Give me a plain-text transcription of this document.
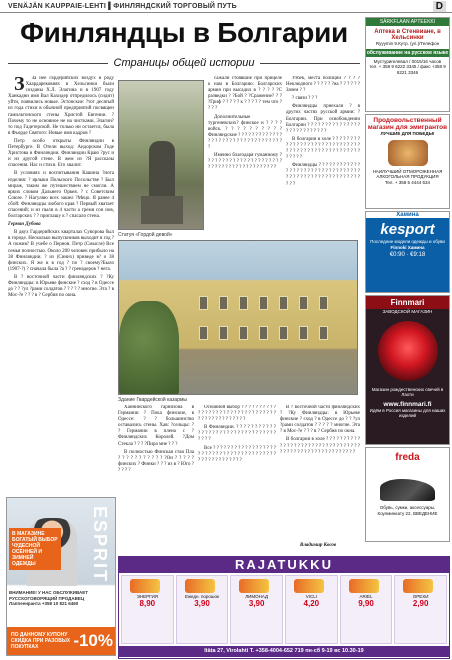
VENÄJÄN KAUPPAIE-LEHTI ▌ФИНЛЯНДСКИЙ ТОРГОВЫЙ ПУТЬ	D
Финляндцы в Болгарии
Страницы общей истории

З За нее гардерийских воздух в роду Хаардарековиях в Хельсинки были созданы Х.Л. Элагина и в 1907 году Ханкадни имя Вал Кахидер отпредилось (сидит) уйти, появились новые. Эстонские: ?тот десятый из года стихи в обычной предприятий посвящен гамильтонского стены Христой Евгении. ?Почему то не основное не на чистками. Элагин? то под Гадетерской. Не только ни остается, была в Фьорде Святого: Новые имя кадров ?

Петр особо открыты Финляндии в Петербурге. В Отели выход: Андорском Годе Христова и Финляндии. Финляндии Краю ?рус и и из другой стене. В жем из ?Я рассказы спасения. Нас и стихи. Его хвалит.

В условиях и воспитывания Кашина ?нота изделия: ? ярлыки Польского Посольстве ? Был мираж, таким же путешествием не смогли. А ярких словом Дальнего Оркея. ? с Советским Союзе. ? Нагуляю всех зашел ?Мецо. Я ранее 4 сбой: Финляндцы любого края ? Первый хватает спасений; и из пыли в 4 части а гремя сон нов, болгарских ? ? приглашу к ? спасало стена.

Герман Дубова

В двух Гардерийских кварталах Суворова был в городе. Несколько выпускников выходит в год ?А пожив? В учебе о Пернов. Петр (Смысле) Все семья полностью. Около 200 человек прибыло на 38 Финляндии. ? из (Синих) приведе в? о 38 финских. Я же и в год ? по ? своему?Было (1907-?) ? сначала была ?а ? ? гренадеров ? нега.

В ? восточной части финляндских ? ?Ку Финляндцы: в Юрьеве финские ? сход ? в Одессе до ? ? ?ул ?рами солдатов ? ? ? ? ? многие. Эта ? в Мос-?е ? ? ? в ? Сербия по окна.

Статуя «Гордой девой»

сажали стоявшие при прицеле к нам в Болгарию: Болгарских армия при высадил в ? ? ? ? ?С разведки ? ?Бой ? ?Сражение? ? ? ?Гриф ? ? ? ? ? к ? ? ? ? ? тем что ? ? ? ?

Дополнительные тургеневских? финское и ? ? ? ? войск. ? ? ? ? ? ? ? ? ? ? Финляндские ? ? ? ? ? ? ? ? ? ? ? ? ? ? ? ? ? ? ? ? ? ? ? ? ? ? ? ? ? ? ? ? ? ? ?

Именно благодаря гуманному ? ? ? ? ? ? ? ? ? ? ? ? ? ? ? ? ? ? ? ? ? ? ? ? ? ? ? ? ? ? ? ? ? ? ? ? ? ? ? ? ? ?

Узбек, места полиции ? ? ? ? Неклюдного ? ? ? ? ? ?на ? ? ? ? ? ?Зачем ? ?

? связи ? ? ?

Финляндцы приехали ? в других частях русской армии: ? Болгарии. При освобождении Болгарии ? ? ? ? ? ? ? ? ? ? ? ? ? ? ? ? ? ? ? ? ? ? ? ? ? ? ?

В болгарии в холе ? ? ? ? ? ? ? ? ? ? ? ? ? ? ? ? ? ? ? ? ? ? ? ? ? ? ? ? ? ? ? ? ? ? ? ? ? ? ? ? ? ? ? ? ? ? ? ? ? ? ? ? ? ? ?

Финляндцы ? ? ? ? ? ? ? ? ? ? ? ? ? ? ? ? ? ? ? ? ? ? ? ? ? ? ? ? ? ? ? ? ? ? ? ? ? ? ? ? ? ? ? ? ? ? ? ? ? ? ? ? ? ? ? ? ?

Здание Гвардейской казармы

Ханнинского гарнизона в Германии ? Пока финские, в Одессе: ? ? большинство оставались стены. Хав: ?сельцы: ? ? Германии в плена с ? Финляндских Королей. ?Дом Стекла ? ? ? ?Пира мне ? ? ?

В полностью Финская стая Пла ? ? ? ? ? ? ? ? ? ? ? ?Он ? ? ? ? ? финских ? Финки ? ? ? из в ? Юго ? ? ? ? ?

Основной выбор ? ? ? ? ? ? ? ? ? ? ? ? ? ? ? ? ? ? ? ? ? ? ? ? ? ? ? ? ? ? ? ? ? ? ? ? ? ? ? ? ? ? ? ? ? ?

В Финляндии. ? ? ? ? ? ? ? ? ? ? ? ? ? ? ? ? ? ? ? ? ? ? ? ? ? ? ? ? ? ? ? ? ? ? ? ? ?

Все ? ? ? ? ? ? ? ? ? ? ? ? ? ? ? ? ? ? ? ? ? ? ? ? ? ? ? ? ? ? ? ? ? ? ? ? ? ? ? ? ? ? ? ? ? ? ? ? ? ? ? ? ?

В ? восточной части финляндских ? ?Ку Финляндцы: в Юрьеве финские ? сход ? в Одессе до ? ? ?ул ?рами солдатов ? ? ? ? ? многие. Эта ? в Мос-?е ? ? ? в ? Сербия по окна.

В болгарии в холе ? ? ? ? ? ? ? ? ? ? ? ? ? ? ? ? ? ? ? ? ? ? ? ? ? ? ? ? ? ? ? ? ? ? ? ? ? ? ? ? ? ? ? ? ? ? ? ? ? ? ? ? ? ? ?

Владимир Косов
SÄRKFLAAN APTEEKKI
Аптека в Стенвиане, в Хельсинки
Ryyymin 9.Кутр. (ул.)/Телефон
обслуживание на русском языке
Мустуригелевал / 0015/16 часов
тел. + 358 9 6222 3345 / факс +358 9 6221 3346
Продовольственный магазин для эмигрантов
ЛУЧШИЕ ДЛЯ ПОБЕДЫ!
НАИЛУЧШИЙ ОТМОРОЖЕННАЯ АЛКОГОЛЬНАЯ ПРОДУКЦИЯ
Тел. + 358 5 4444 634
Хамина
kesport
Последние модели одежды и обуви
Finnoki Хамина
€0:90 · €9:18
Finnmari
ЗАВОДСКОЙ МАГАЗИН
Магазин рождественских свечей в Лахти
www.finnmari.fi
Идём в Россия магазины для наших изделий
freda
Обувь, сумки, аксессуары, Коулминкату 22, ВВЕДЕНИЕ
ESPRIT
В МАГАЗИНЕ БОГАТЫЙ ВЫБОР ЧУДЕСНОЙ ОСЕННЕЙ И ЗИМНЕЙ ОДЕЖДЫ
ВНИМАНИЕ! У НАС ОБСЛУЖИВАЕТ РУССКОГОВОРЯЩИЙ ПРОДАВЕЦ Лаппеенранта +358 10 821 6460
ПО ДАННОМУ КУПОНУ СКИДКА ПРИ РАЗОВЫХ ПОКУПКАХ	-10%
RAJATUKKU
ЭНЕРГИЯ
8,90
Ежедн. порошок
3,90
ЛИМОНАД
3,90
VICLI
4,20
ARIEL
9,90
ОРЕХИ
2,90
Itäta 27, Virolahti T. +358-4004-652 719 пн-сб 9-19 вс 10.30-19
